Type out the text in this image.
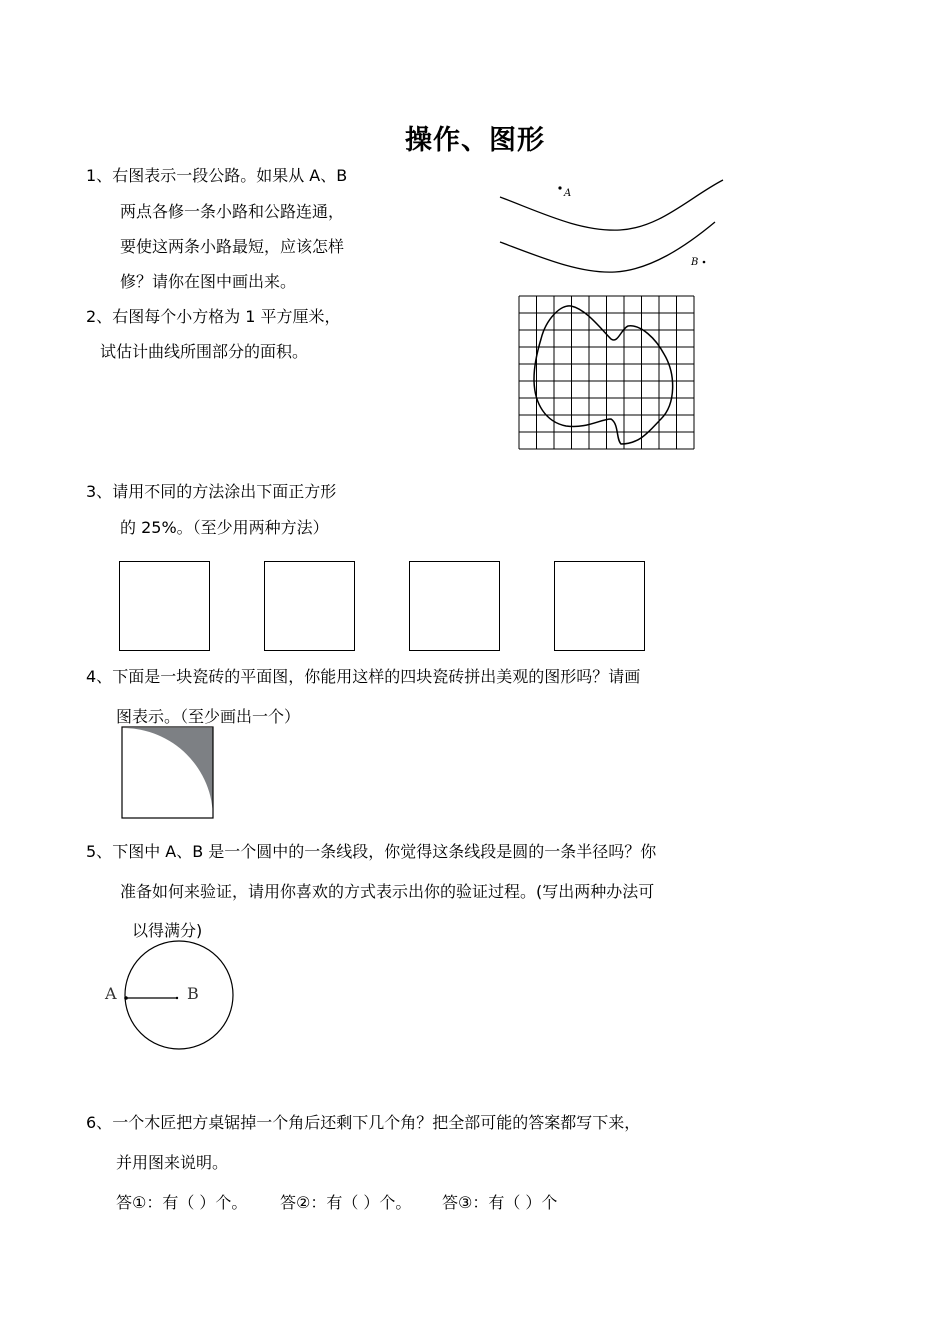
操作、图形
1、右图表示一段公路。如果从 A、B
两点各修一条小路和公路连通，
要使这两条小路最短，应该怎样
修？请你在图中画出来。
A
B
2、右图每个小方格为 1 平方厘米，
试估计曲线所围部分的面积。
3、请用不同的方法涂出下面正方形
的 25%。（至少用两种方法）
4、下面是一块瓷砖的平面图，你能用这样的四块瓷砖拼出美观的图形吗？请画
图表示。（至少画出一个）
5、下图中 A、B 是一个圆中的一条线段，你觉得这条线段是圆的一条半径吗？你
准备如何来验证，请用你喜欢的方式表示出你的验证过程。(写出两种办法可
以得满分)
A	B
6、一个木匠把方桌锯掉一个角后还剩下几个角？把全部可能的答案都写下来，
并用图来说明。
答①：有（ ）个。 答②：有（ ）个。 答③：有（ ）个
